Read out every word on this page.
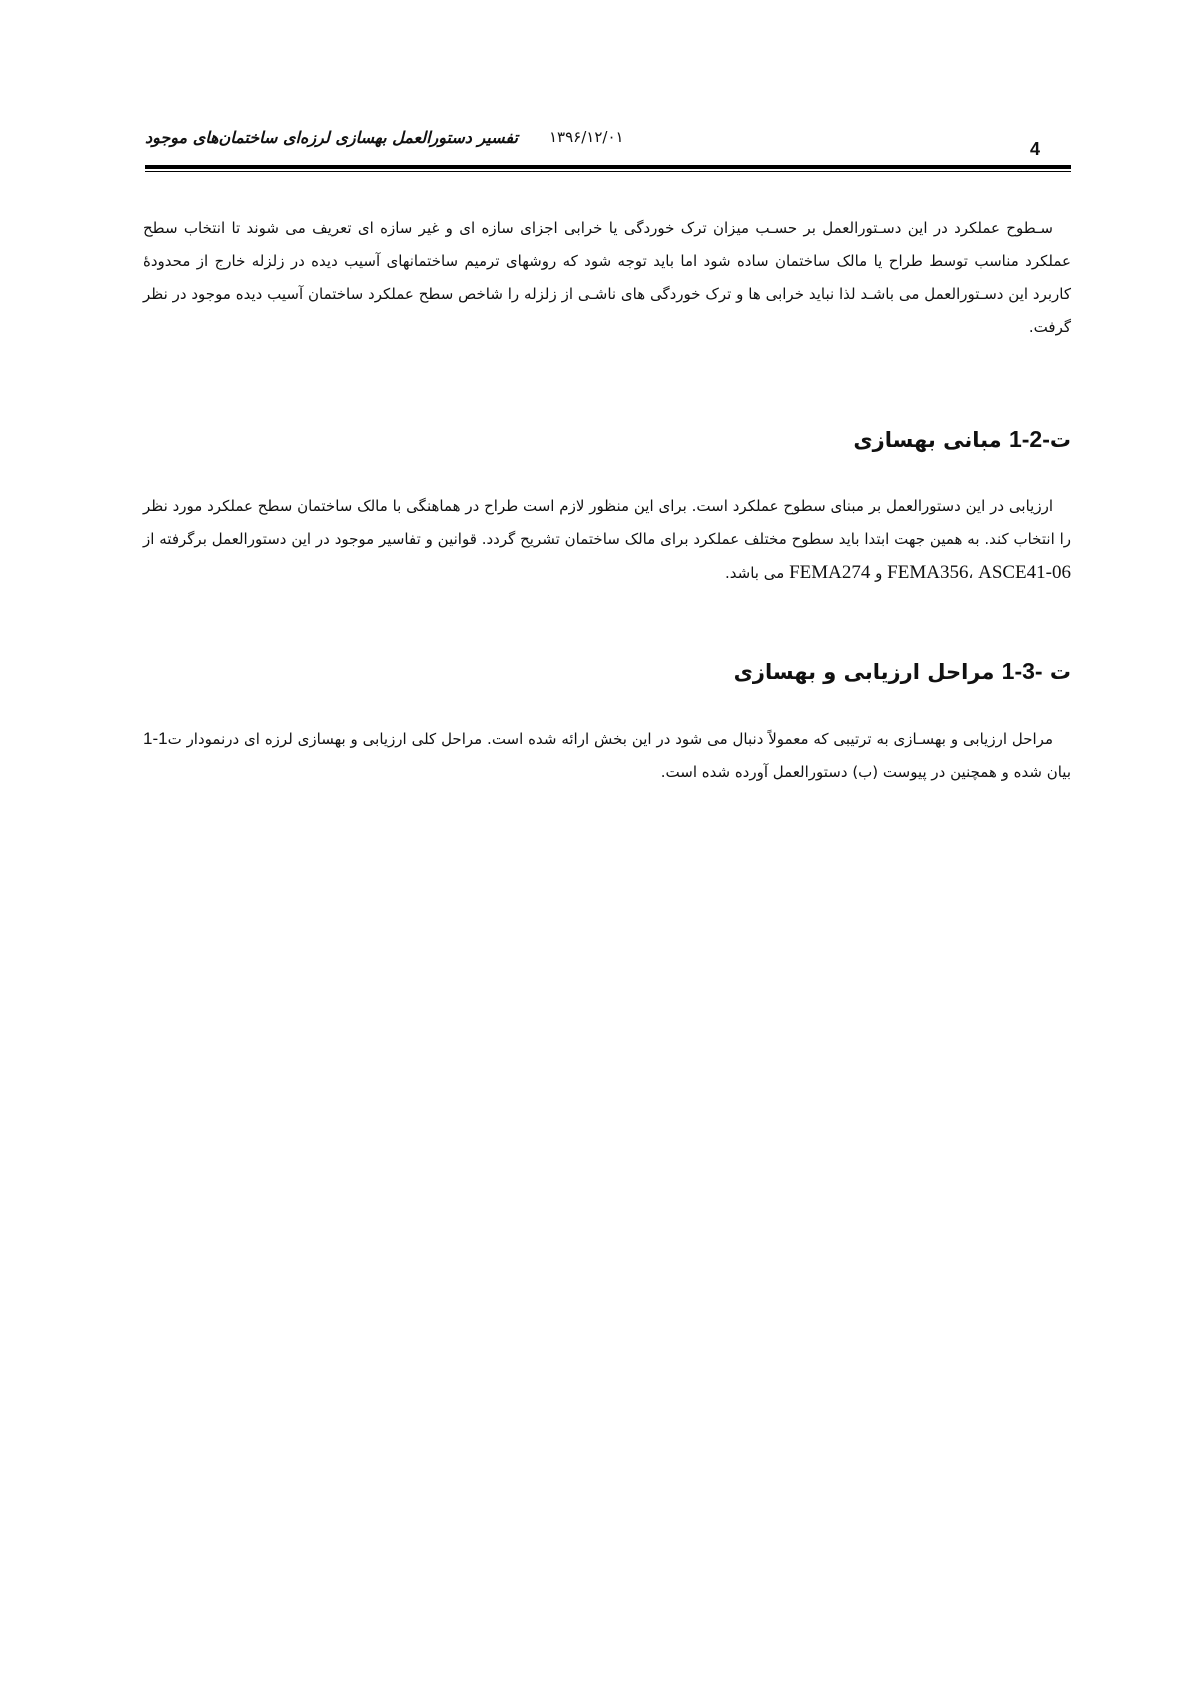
تفسیر دستورالعمل بهسازی لرزه‌ای ساختمان‌های موجود ۱۳۹۶/۱۲/۰۱
4

سـطوح عملکرد در این دسـتورالعمل بر حسـب میزان ترک خوردگی یا خرابی اجزای سازه ای و غیر سازه ای تعریف می شوند تا انتخاب سطح عملکرد مناسب توسط طراح یا مالک ساختمان ساده شود اما باید توجه شود که روشهای ترمیم ساختمانهای آسیب دیده در زلزله خارج از محدودهٔ کاربرد این دسـتورالعمل می باشـد لذا نباید خرابی ها و ترک خوردگی های ناشـی از زلزله را شاخص سطح عملکرد ساختمان آسیب دیده موجود در نظر گرفت.

ت1-2- مبانی بهسازی

ارزیابی در این دستورالعمل بر مبنای سطوح عملکرد است. برای این منظور لازم است طراح در هماهنگی با مالک ساختمان سطح عملکرد مورد نظر را انتخاب کند. به همین جهت ابتدا باید سطوح مختلف عملکرد برای مالک ساختمان تشریح گردد. قوانین و تفاسیر موجود در این دستورالعمل برگرفته از FEMA356، ASCE41-06 و FEMA274 می باشد.

ت 1-3- مراحل ارزیابی و بهسازی

مراحل ارزیابی و بهسـازی به ترتیبی که معمولاً دنبال می شود در این بخش ارائه شده است. مراحل کلی ارزیابی و بهسازی لرزه ای درنمودار ت1-1 بیان شده و همچنین در پیوست (ب) دستورالعمل آورده شده است.
